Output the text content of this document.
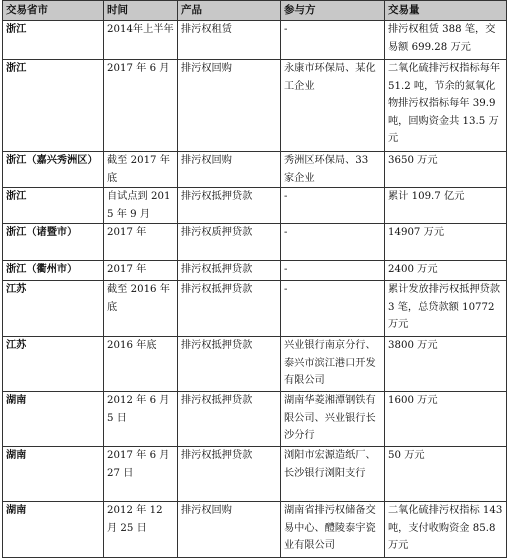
交易省市	时间	产品	参与方	交易量
浙江	2014年上半年	排污权租赁	-	排污权租赁 388 笔，交易额 699.28 万元
浙江	2017 年 6 月	排污权回购	永康市环保局、某化工企业	二氧化硫排污权指标每年 51.2 吨，节余的氮氧化物排污权指标每年 39.9 吨，回购资金共 13.5 万元
浙江（嘉兴秀洲区）	截至 2017 年底	排污权回购	秀洲区环保局、33 家企业	3650 万元
浙江	自试点到 2015 年 9 月	排污权抵押贷款	-	累计 109.7 亿元
浙江（诸暨市）	2017 年	排污权质押贷款	-	14907 万元
浙江（衢州市）	2017 年	排污权抵押贷款	-	2400 万元
江苏	截至 2016 年底	排污权抵押贷款	-	累计发放排污权抵押贷款 3 笔，总贷款额 10772 万元
江苏	2016 年底	排污权抵押贷款	兴业银行南京分行、泰兴市滨江港口开发有限公司	3800 万元
湖南	2012 年 6 月 5 日	排污权抵押贷款	湖南华菱湘潭钢铁有限公司、兴业银行长沙分行	1600 万元
湖南	2017 年 6 月 27 日	排污权抵押贷款	浏阳市宏源造纸厂、长沙银行浏阳支行	50 万元
湖南	2012 年 12 月 25 日	排污权回购	湖南省排污权储备交易中心、醴陵泰宇瓷业有限公司	二氧化硫排污权指标 143 吨，支付收购资金 85.8 万元
